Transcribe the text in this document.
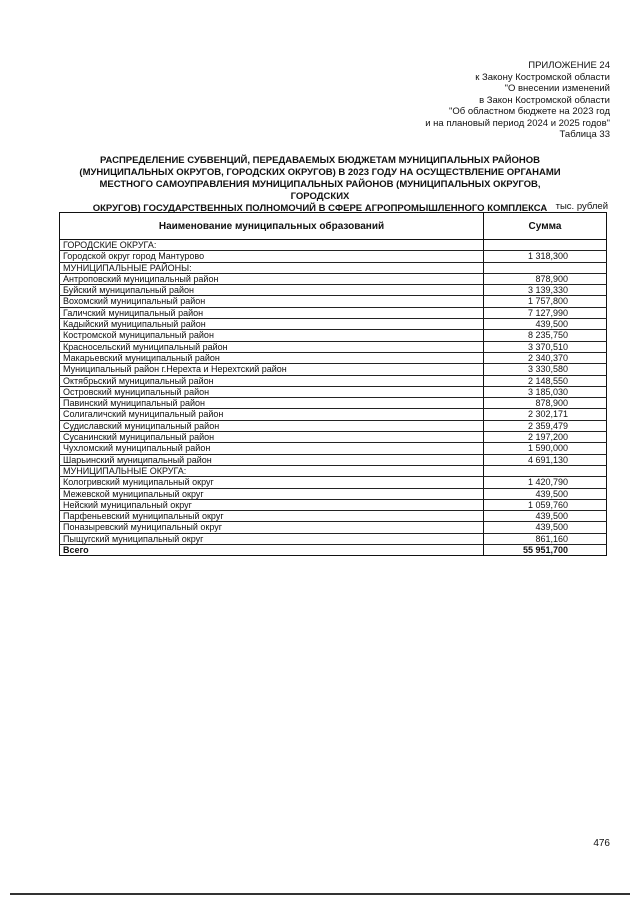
ПРИЛОЖЕНИЕ 24
к Закону Костромской области
"О внесении изменений
в Закон Костромской области
"Об областном бюджете на 2023 год
и на плановый период 2024 и 2025 годов"
Таблица 33
РАСПРЕДЕЛЕНИЕ СУБВЕНЦИЙ, ПЕРЕДАВАЕМЫХ БЮДЖЕТАМ МУНИЦИПАЛЬНЫХ РАЙОНОВ
(МУНИЦИПАЛЬНЫХ ОКРУГОВ, ГОРОДСКИХ ОКРУГОВ) В 2023 ГОДУ НА ОСУЩЕСТВЛЕНИЕ ОРГАНАМИ
МЕСТНОГО САМОУПРАВЛЕНИЯ МУНИЦИПАЛЬНЫХ РАЙОНОВ (МУНИЦИПАЛЬНЫХ ОКРУГОВ, ГОРОДСКИХ
ОКРУГОВ) ГОСУДАРСТВЕННЫХ ПОЛНОМОЧИЙ В СФЕРЕ АГРОПРОМЫШЛЕННОГО КОМПЛЕКСА тыс. рублей
Наименование муниципальных образований	Сумма
ГОРОДСКИЕ ОКРУГА:	
Городской округ город Мантурово	1 318,300
МУНИЦИПАЛЬНЫЕ РАЙОНЫ:	
Антроповский муниципальный район	878,900
Буйский муниципальный район	3 139,330
Вохомский муниципальный район	1 757,800
Галичский муниципальный район	7 127,990
Кадыйский муниципальный район	439,500
Костромской муниципальный район	8 235,750
Красносельский муниципальный район	3 370,510
Макарьевский муниципальный район	2 340,370
Муниципальный район г.Нерехта и Нерехтский район	3 330,580
Октябрьский муниципальный район	2 148,550
Островский муниципальный район	3 185,030
Павинский муниципальный район	878,900
Солигаличский муниципальный район	2 302,171
Судиславский муниципальный район	2 359,479
Сусанинский муниципальный район	2 197,200
Чухломский муниципальный район	1 590,000
Шарьинский муниципальный район	4 691,130
МУНИЦИПАЛЬНЫЕ ОКРУГА:	
Кологривский муниципальный округ	1 420,790
Межевской муниципальный округ	439,500
Нейский муниципальный округ	1 059,760
Парфеньевский муниципальный округ	439,500
Поназыревский муниципальный округ	439,500
Пыщугский муниципальный округ	861,160
Всего	55 951,700
476
